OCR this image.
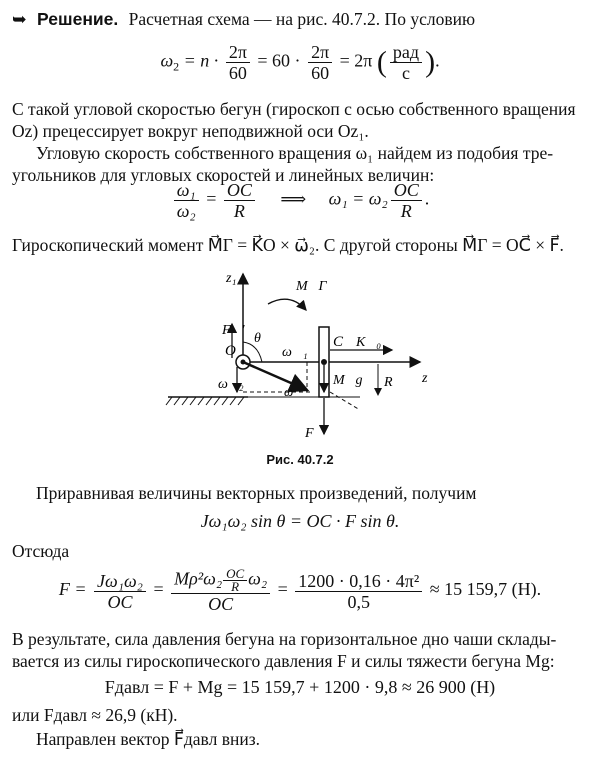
➥ Решение. Расчетная схема — на рис. 40.7.2. По условию
$\omega_2 = n \cdot \frac{2\pi}{60} = 60 \cdot \frac{2\pi}{60} = 2\pi$ ( $\frac{\text{рад}}{с}$ ).
С такой угловой скоростью бегун (гироскоп с осью собственного вращения
Oz) прецессирует вокруг неподвижной оси Oz₁.
Угловую скорость собственного вращения ω₁ найдем из подобия тре-
угольников для угловых скоростей и линейных величин:
$\frac{\text{ω₁}}{\text{ω₂}} = \frac{OC}{R}$ ⟹ $\omega_1 = \omega_2 \frac{OC}{R}$ .
Гироскопический момент M⃗Г = K⃗O × ω⃗₂. С другой стороны M⃗Г = OC⃗ × F⃗.
z₁
M⃗Г
F⃗'
θ
O	ω⃗₁
C K⃗₀
ω⃗₂	ω⃗
M⃗g R⃗ z
F⃗
Рис. 40.7.2
Приравнивая величины векторных произведений, получим
Jω₁ω₂ sin θ = OC · F sin θ.
Отсюда
$F = \frac{\text{Jω₁ω₂}}{OC} = \frac{M\rho^2\omega_2 \frac{OC}{R} \omega_2}{OC} = \frac{\text{1200 · 0,16 · 4π²}}{0,5} \approx 15$ 159,7 (Н).
В результате, сила давления бегуна на горизонтальное дно чаши склады-
вается из силы гироскопического давления F и силы тяжести бегуна Mg:
Fдавл = F + Mg = 15 159,7 + 1200 · 9,8 ≈ 26 900 (Н)
или Fдавл ≈ 26,9 (кН).
Направлен вектор F⃗давл вниз.
